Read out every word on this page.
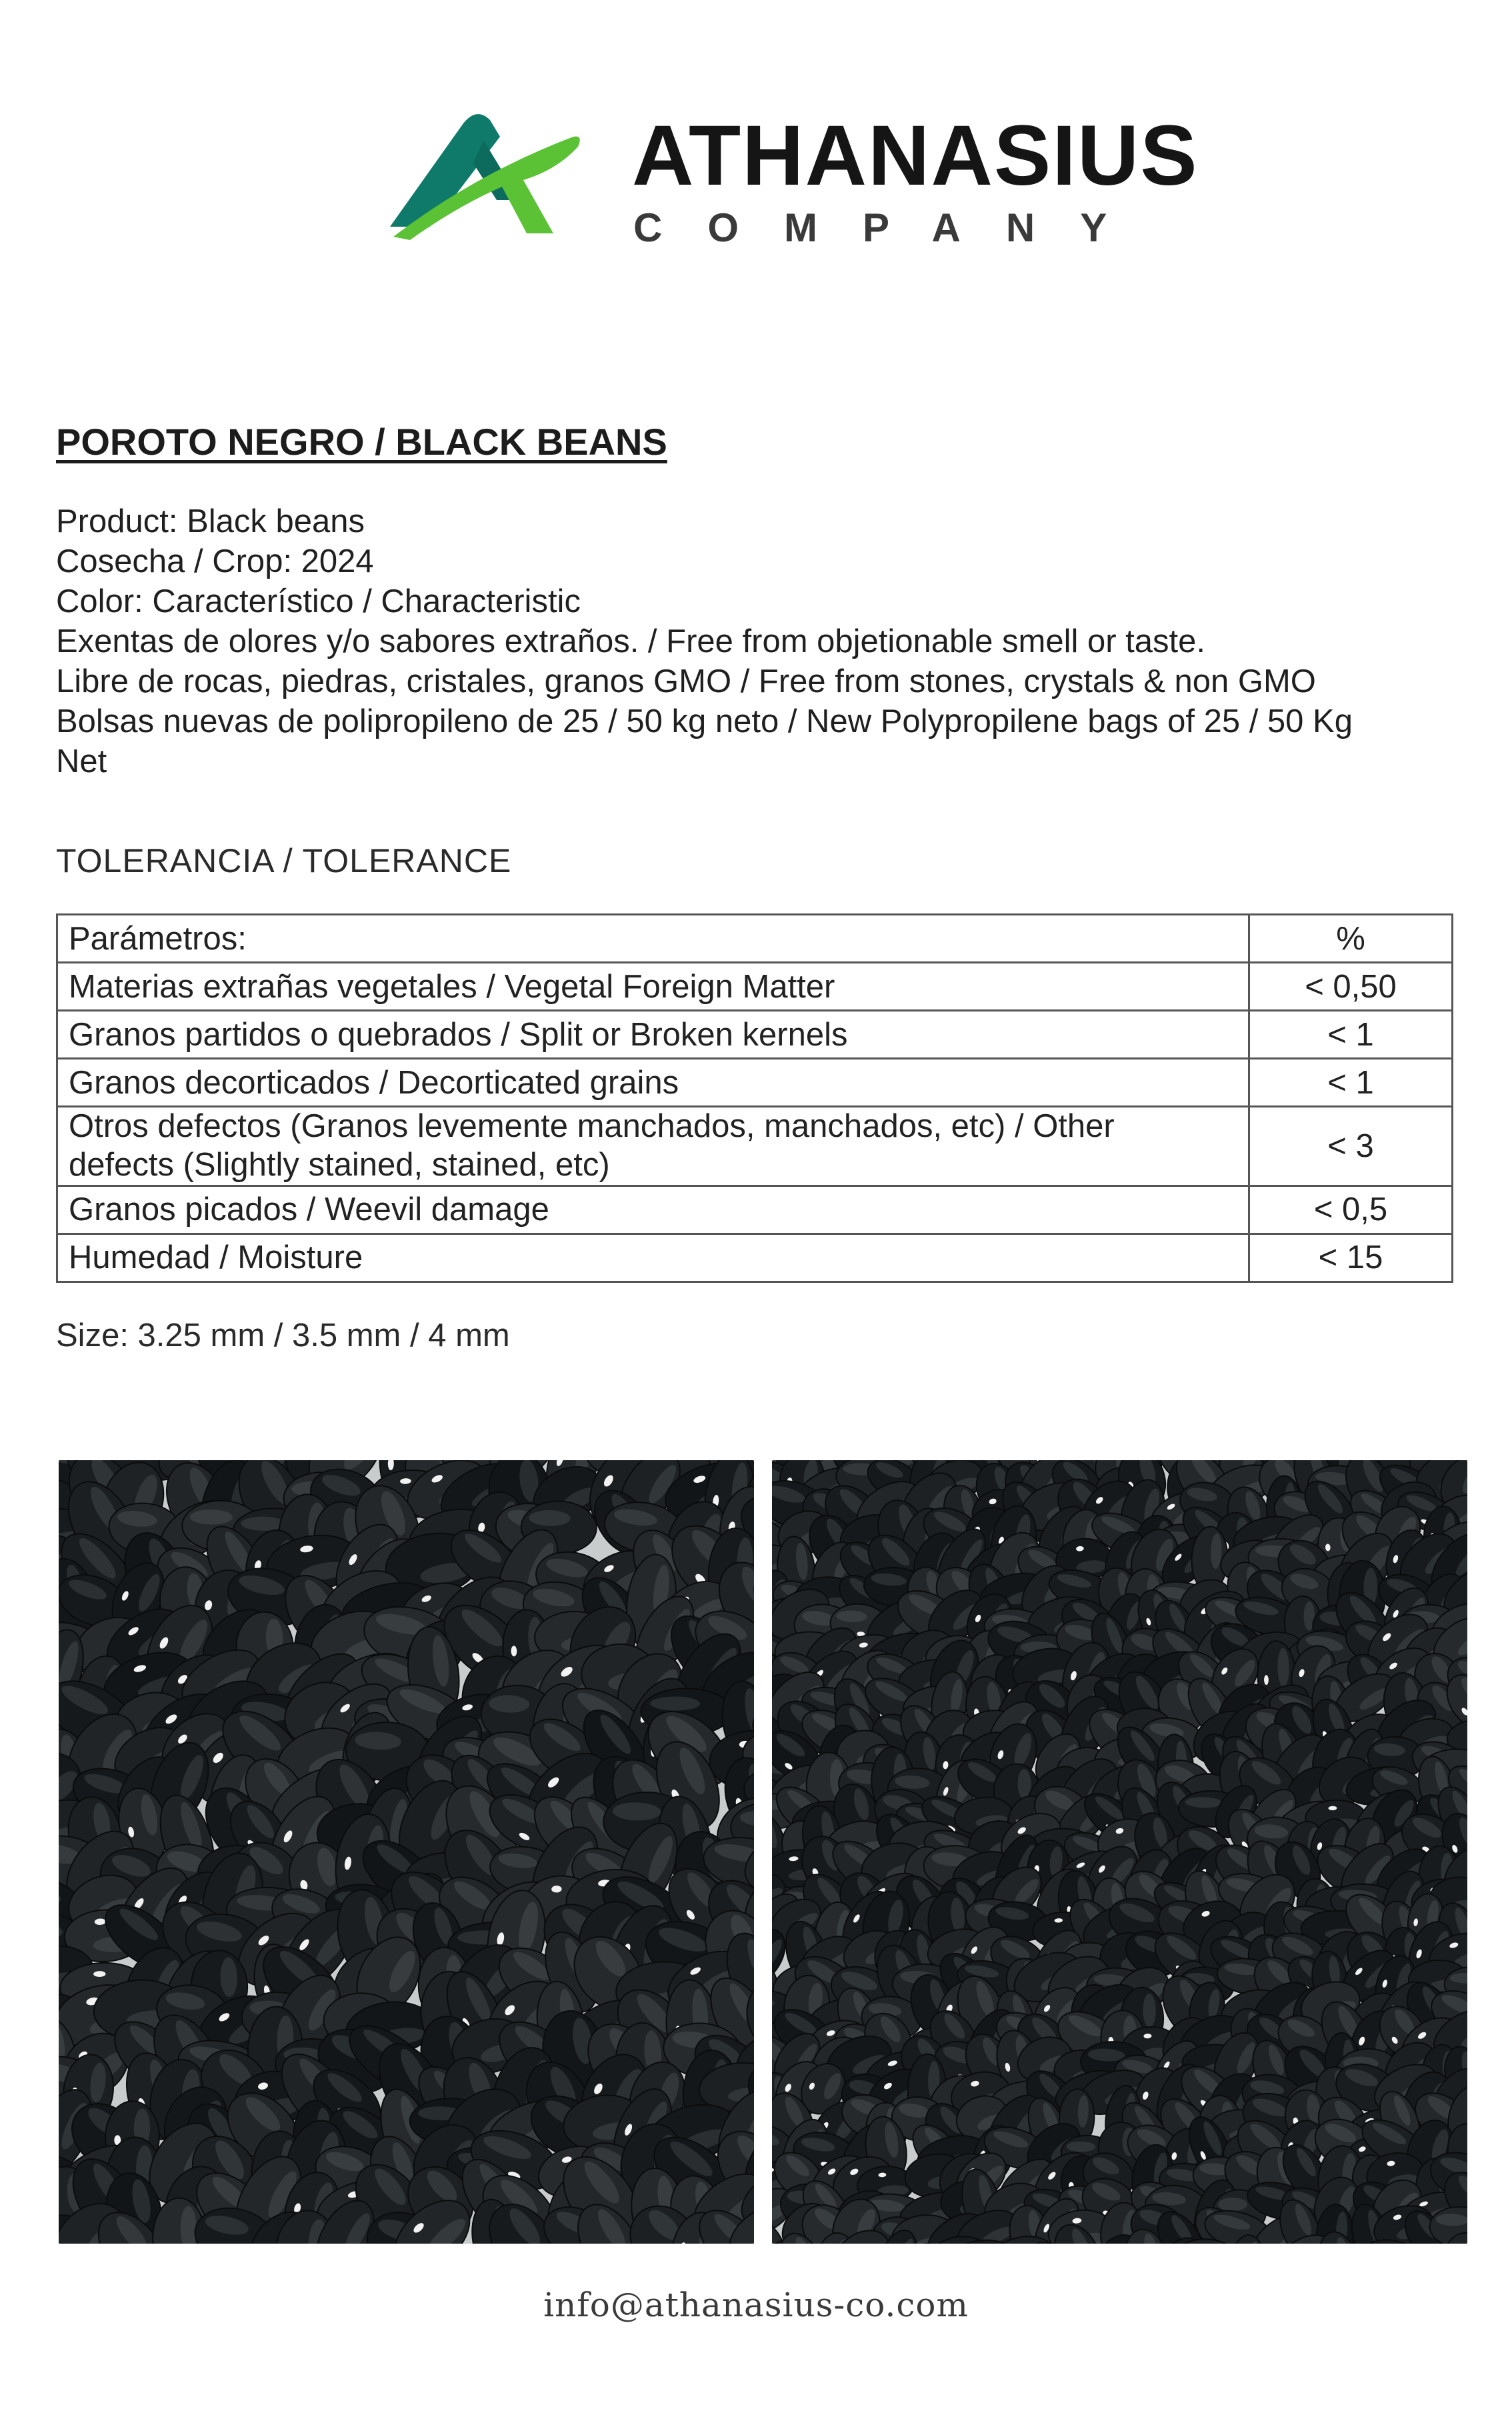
ATHANASIUS
COMPANY
POROTO NEGRO / BLACK BEANS
Product: Black beans
Cosecha / Crop: 2024
Color: Característico / Characteristic
Exentas de olores y/o sabores extraños. / Free from objetionable smell or taste.
Libre de rocas, piedras, cristales, granos GMO / Free from stones, crystals & non GMO
Bolsas nuevas de polipropileno de 25 / 50 kg neto / New Polypropilene bags of 25 / 50 Kg
Net
TOLERANCIA / TOLERANCE
Parámetros:	%
Materias extrañas vegetales / Vegetal Foreign Matter	< 0,50
Granos partidos o quebrados / Split or Broken kernels	< 1
Granos decorticados / Decorticated grains	< 1

Otros defectos (Granos levemente manchados, manchados, etc) / Other
defects (Slightly stained, stained, etc)	< 3
Granos picados / Weevil damage	< 0,5
Humedad / Moisture	< 15
Size: 3.25 mm / 3.5 mm / 4 mm
info@athanasius-co.com
